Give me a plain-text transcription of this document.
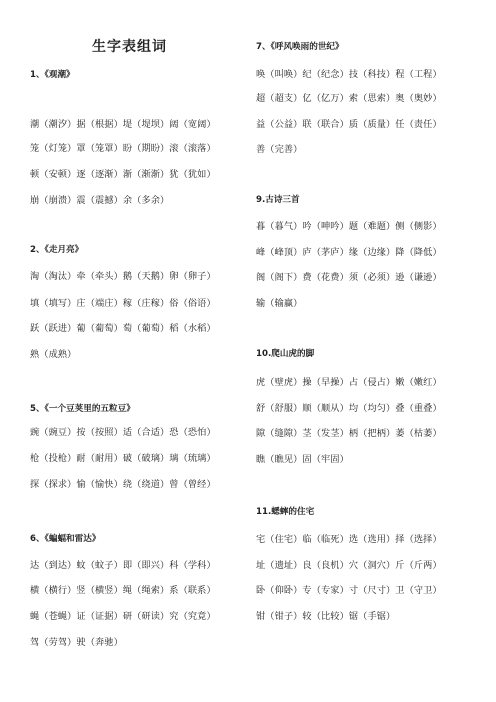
生字表组词

1、《观潮》

潮（潮汐）据（根据）堤（堤坝）阔（宽阔）

笼（灯笼）罩（笼罩）盼（期盼）滚（滚落）

顿（安顿）逐（逐渐）渐（渐渐）犹（犹如）

崩（崩溃）震（震撼）余（多余）

2、《走月亮》

淘（淘汰）牵（牵头）鹅（天鹅）卵（卵子）

填（填写）庄（端庄）稼（庄稼）俗（俗语）

跃（跃进）葡（葡萄）萄（葡萄）稻（水稻）

熟（成熟）

5、《一个豆荚里的五粒豆》

豌（豌豆）按（按照）适（合适）恐（恐怕）

枪（投枪）耐（耐用）破（破璃）璃（琉璃）

探（探求）愉（愉快）绕（绕道）曾（曾经）

6、《蝙蝠和雷达》

达（到达）蚊（蚊子）即（即兴）科（学科）

横（横行）竖（横竖）绳（绳索）系（联系）

蝇（苍蝇）证（证据）研（研读）究（究竟）

驾（劳驾）驶（奔驰）

7、《呼风唤雨的世纪》

唤（叫唤）纪（纪念）技（科技）程（工程）

超（超支）亿（亿万）索（思索）奥（奥妙）

益（公益）联（联合）质（质量）任（责任）

善（完善）

9.古诗三首

暮（暮气）吟（呻吟）题（难题）侧（侧影）

峰（峰顶）庐（茅庐）缘（边缘）降（降低）

阁（阁下）费（花费）须（必须）逊（谦逊）

输（输赢）

10.爬山虎的脚

虎（壁虎）操（早操）占（侵占）嫩（嫩红）

舒（舒服）顺（顺从）均（均匀）叠（重叠）

隙（缝隙）茎（发茎）柄（把柄）萎（枯萎）

瞧（瞧见）固（牢固）

11.蟋蟀的住宅

宅（住宅）临（临死）选（选用）择（选择）

址（遗址）良（良机）穴（洞穴）斤（斤两）

卧（仰卧）专（专家）寸（尺寸）卫（守卫）

钳（钳子）较（比较）锯（手锯）
